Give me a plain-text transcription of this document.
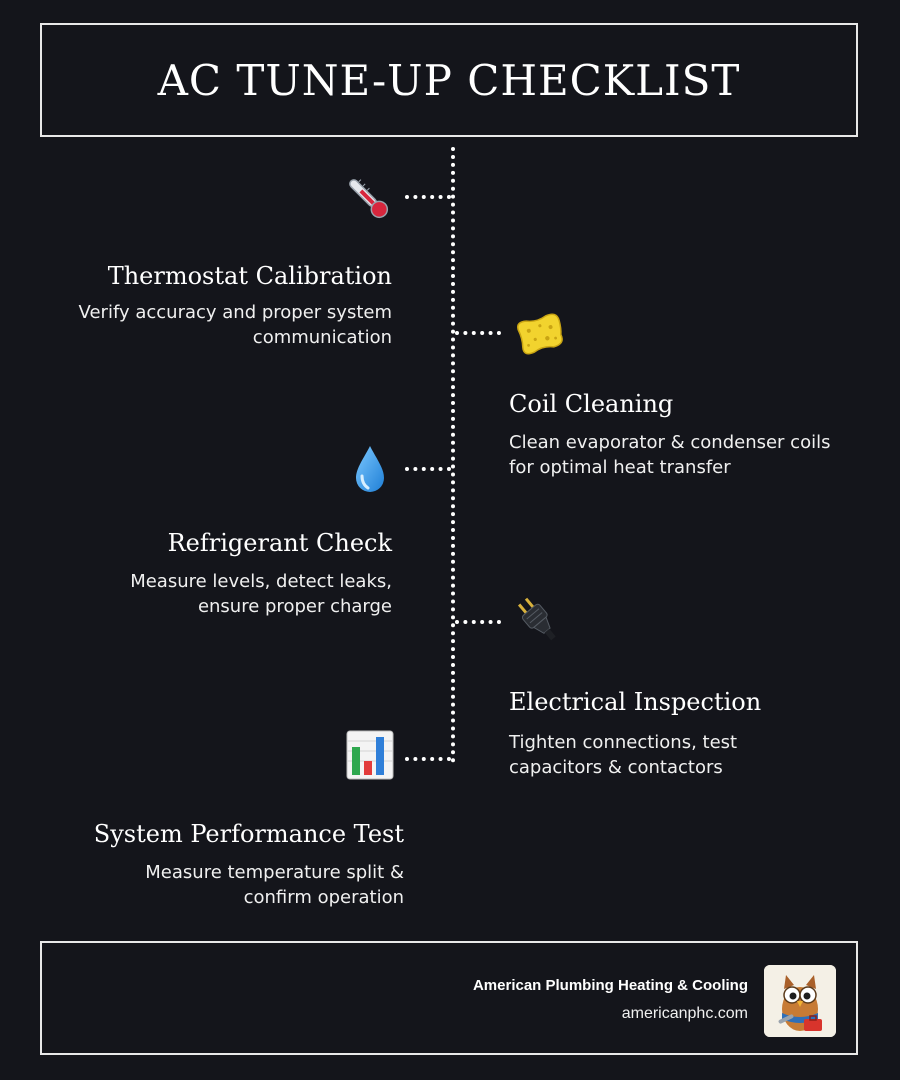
AC TUNE-UP CHECKLIST
Thermostat Calibration
Verify accuracy and proper system
communication
Coil Cleaning
Clean evaporator & condenser coils
for optimal heat transfer
Refrigerant Check
Measure levels, detect leaks,
ensure proper charge
Electrical Inspection
Tighten connections, test
capacitors & contactors
System Performance Test
Measure temperature split &
confirm operation
American Plumbing Heating & Cooling
americanphc.com
